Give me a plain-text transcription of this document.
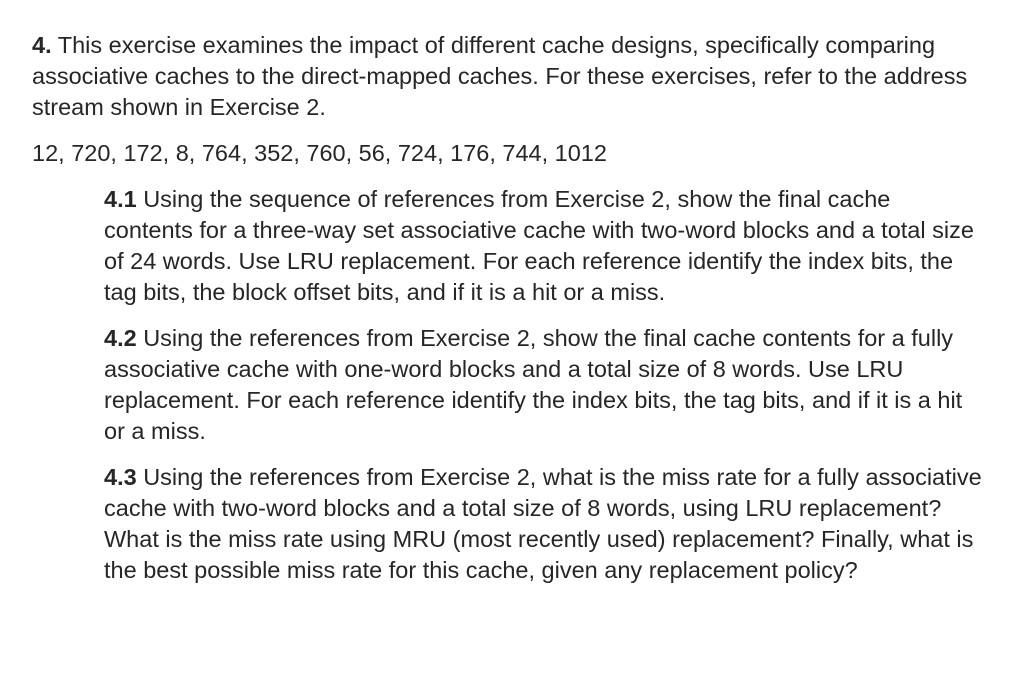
4. This exercise examines the impact of different cache designs, specifically comparing associative caches to the direct-mapped caches. For these exercises, refer to the address stream shown in Exercise 2.

12, 720, 172, 8, 764, 352, 760, 56, 724, 176, 744, 1012

4.1 Using the sequence of references from Exercise 2, show the final cache contents for a three-way set associative cache with two-word blocks and a total size of 24 words. Use LRU replacement. For each reference identify the index bits, the tag bits, the block offset bits, and if it is a hit or a miss.
4.2 Using the references from Exercise 2, show the final cache contents for a fully associative cache with one-word blocks and a total size of 8 words. Use LRU replacement. For each reference identify the index bits, the tag bits, and if it is a hit or a miss.
4.3 Using the references from Exercise 2, what is the miss rate for a fully associative cache with two-word blocks and a total size of 8 words, using LRU replacement? What is the miss rate using MRU (most recently used) replacement? Finally, what is the best possible miss rate for this cache, given any replacement policy?
